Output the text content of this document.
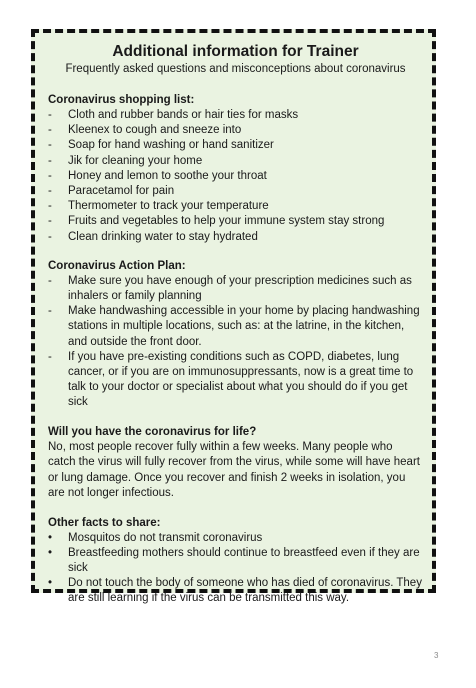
Additional information for Trainer

Frequently asked questions and misconceptions about coronavirus

Coronavirus shopping list:

-	Cloth and rubber bands or hair ties for masks
-	Kleenex to cough and sneeze into
-	Soap for hand washing or hand sanitizer
-	Jik for cleaning your home
-	Honey and lemon to soothe your throat
-	Paracetamol for pain
-	Thermometer to track your temperature
-	Fruits and vegetables to help your immune system stay strong
-	Clean drinking water to stay hydrated

Coronavirus Action Plan:

-	Make sure you have enough of your prescription medicines such as inhalers or family planning
-	Make handwashing accessible in your home by placing handwashing stations in multiple locations, such as: at the latrine, in the kitchen, and outside the front door.
-	If you have pre-existing conditions such as COPD, diabetes, lung cancer, or if you are on immunosuppressants, now is a great time to talk to your doctor or specialist about what you should do if you get sick

Will you have the coronavirus for life?

No, most people recover fully within a few weeks. Many people who catch the virus will fully recover from the virus, while some will have heart or lung damage. Once you recover and finish 2 weeks in isolation, you are not longer infectious.

Other facts to share:

•	Mosquitos do not transmit coronavirus
•	Breastfeeding mothers should continue to breastfeed even if they are sick
•	Do not touch the body of someone who has died of coronavirus. They are still learning if the virus can be transmitted this way.
3
